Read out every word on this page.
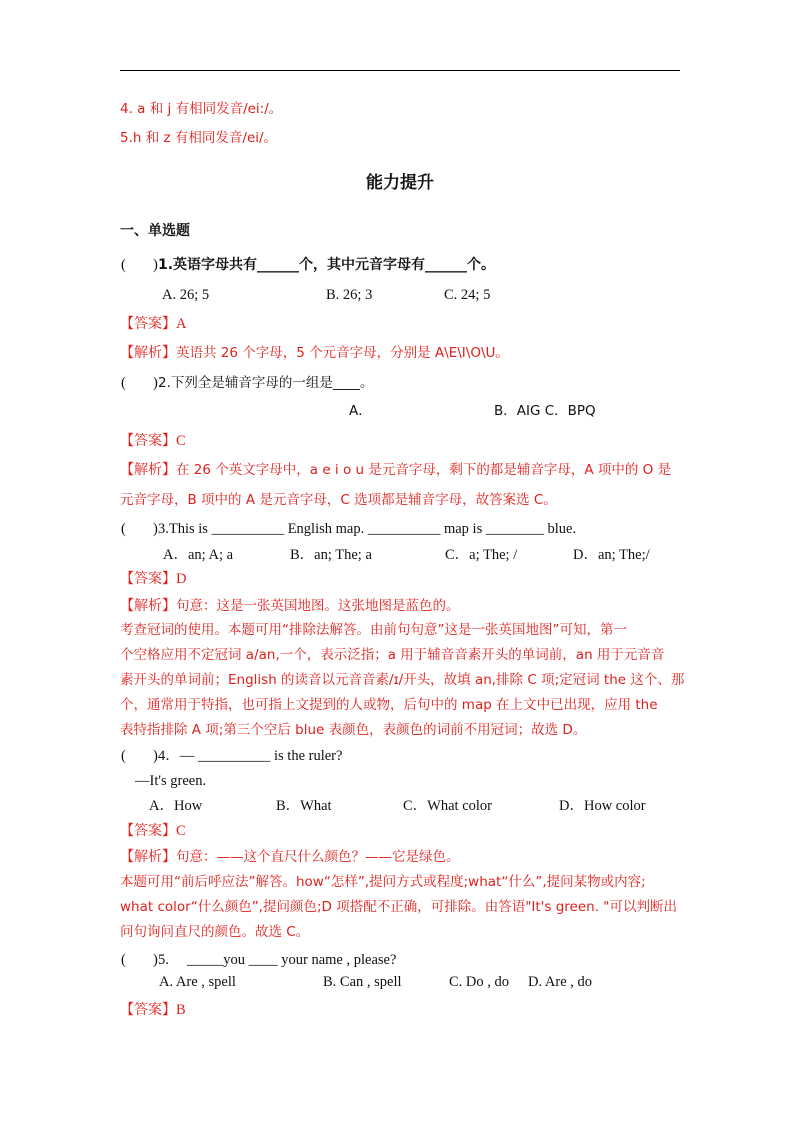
4. a 和 j 有相同发音/ei:/。
5.h 和 z 有相同发音/ei/。
能力提升
一、单选题
( ) 1.英语字母共有______个，其中元音字母有______个。
A. 26; 5	B. 26; 3	C. 24; 5
【答案】A
【解析】英语共 26 个字母，5 个元音字母，分别是 A\E\I\O\U。
( ) 2.下列全是辅音字母的一组是____。
A．	B．AIG C．BPQ
【答案】C
【解析】在 26 个英文字母中，a e i o u 是元音字母，剩下的都是辅音字母，A 项中的 O 是
元音字母，B 项中的 A 是元音字母，C 选项都是辅音字母，故答案选 C。
( ) 3.This is __________ English map. __________ map is ________ blue.
A．an; A; a	B．an; The; a	C．a; The; /	D．an; The;/
【答案】D
【解析】句意：这是一张英国地图。这张地图是蓝色的。
考查冠词的使用。本题可用“排除法解答。由前句句意”这是一张英国地图”可知，第一
个空格应用不定冠词 a/an,一个，表示泛指；a 用于辅音音素开头的单词前，an 用于元音音
素开头的单词前；English 的读音以元音音素/ɪ/开头，故填 an,排除 C 项;定冠词 the 这个、那
个，通常用于特指，也可指上文提到的人或物，后句中的 map 在上文中已出现，应用 the
表特指排除 A 项;第三个空后 blue 表颜色，表颜色的词前不用冠词；故选 D。
( ) 4．— __________ is the ruler?
—It's green.
A．How	B．What	C．What color	D．How color
【答案】C
【解析】句意：——这个直尺什么颜色？——它是绿色。
本题可用“前后呼应法”解答。how“怎样”,提问方式或程度;what“什么”,提问某物或内容;
what color“什么颜色”,提问颜色;D 项搭配不正确，可排除。由答语"It's green. "可以判断出
问句询问直尺的颜色。故选 C。
( ) 5.     _____you ____ your name , please?
A. Are , spell	B. Can , spell	C. Do , do D. Are , do
【答案】B
